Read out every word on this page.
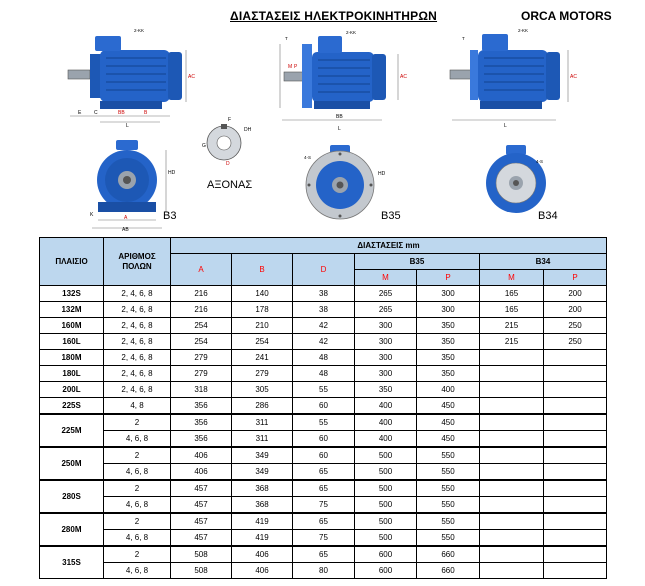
ΔΙΑΣΤΑΣΕΙΣ ΗΛΕΚΤΡΟΚΙΝΗΤΗΡΩΝ	ORCA MOTORS
2-KK
AC
BB
L
E	C	B
2-KK
AC
BB
L
T
M P
2-KK
AC
L
T
A
AB
HD
K	B3
F
DH
G
D
ΑΞΟΝΑΣ
4-S
HD
B35
4-S
B34
ΠΛΑΙΣΙΟ	ΑΡΙΘΜΟΣ ΠΟΛΩΝ	ΔΙΑΣΤΑΣΕΙΣ mm						
		A	B	D	B35		B34	
					M	P	M	P
132S	2, 4, 6, 8	216	140	38	265	300	165	200
132M	2, 4, 6, 8	216	178	38	265	300	165	200
160M	2, 4, 6, 8	254	210	42	300	350	215	250
160L	2, 4, 6, 8	254	254	42	300	350	215	250
180M	2, 4, 6, 8	279	241	48	300	350		
180L	2, 4, 6, 8	279	279	48	300	350		
200L	2, 4, 6, 8	318	305	55	350	400		
225S	4, 8	356	286	60	400	450		
225M	2	356	311	55	400	450		
	4, 6, 8	356	311	60	400	450		
250M	2	406	349	60	500	550		
	4, 6, 8	406	349	65	500	550		
280S	2	457	368	65	500	550		
	4, 6, 8	457	368	75	500	550		
280M	2	457	419	65	500	550		
	4, 6, 8	457	419	75	500	550		
315S	2	508	406	65	600	660		
	4, 6, 8	508	406	80	600	660		
